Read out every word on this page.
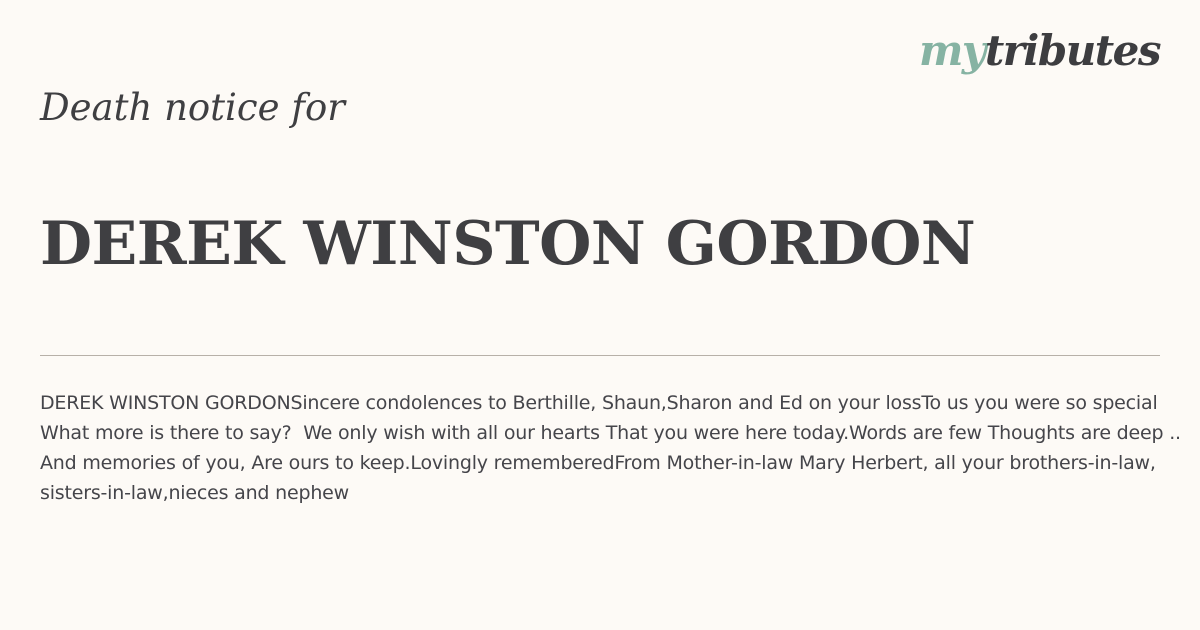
mytributes
Death notice for
DEREK WINSTON GORDON

DEREK WINSTON GORDONSincere condolences to Berthille, Shaun,Sharon and Ed on your lossTo us you were so special What more is there to say?  We only wish with all our hearts That you were here today.Words are few Thoughts are deep .. And memories of you, Are ours to keep.Lovingly rememberedFrom Mother-in-law Mary Herbert, all your brothers-in-law, sisters-in-law,nieces and nephew
